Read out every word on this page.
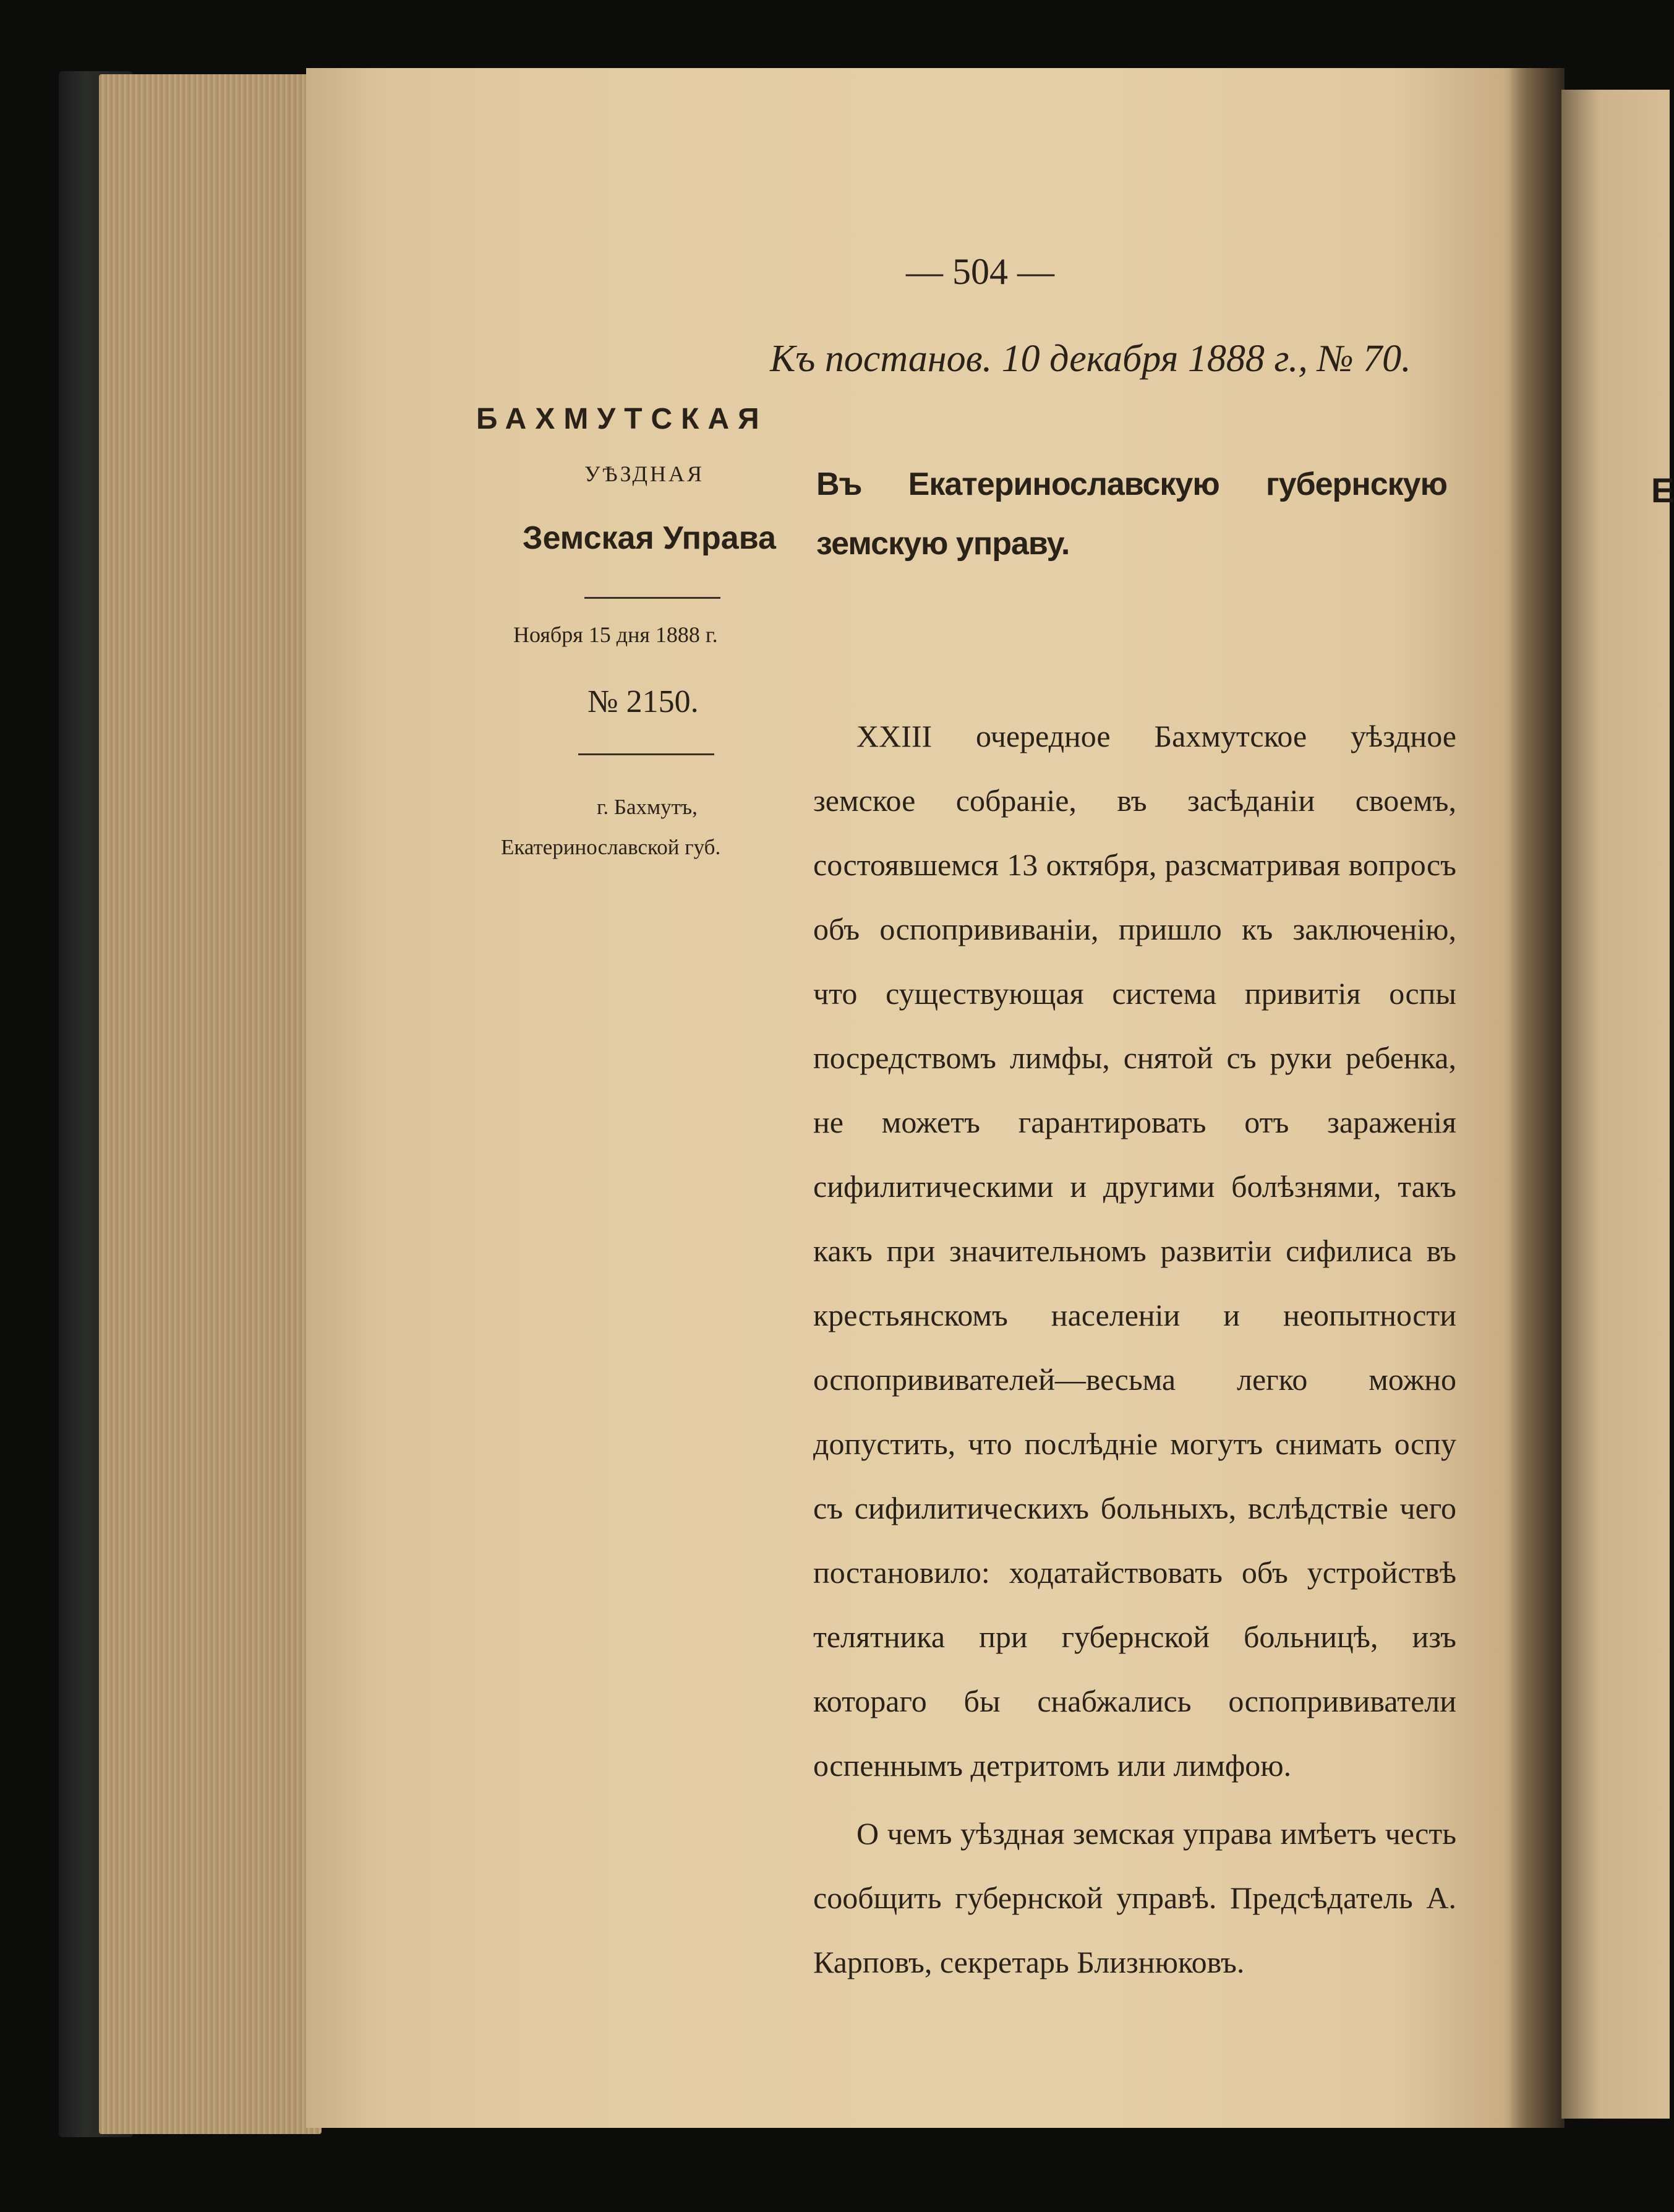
— 504 —
Къ постанов. 10 декабря 1888 г., № 70.
БАХМУТСКАЯ
УѢЗДНАЯ
Земская Управа
Ноября 15 дня 1888 г.
№ 2150.
г. Бахмутъ,
Екатеринославской губ.
Въ Екатеринославскую губернскую земскую управу.

XXIII очередное Бахмутское уѣздное земское собраніе, въ засѣданіи своемъ, состоявшемся 13 октября, разсматривая вопросъ объ оспопрививаніи, пришло къ заключенію, что существующая система привитія оспы посредствомъ лимфы, снятой съ руки ребенка, не можетъ гарантировать отъ зараженія сифилитическими и другими болѣзнями, такъ какъ при значительномъ развитіи сифилиса въ крестьянскомъ населеніи и неопытности оспопрививателей—весьма легко можно допустить, что послѣдніе могутъ снимать оспу съ сифилитическихъ больныхъ, вслѣдствіе чего постановило: ходатайствовать объ устройствѣ телятника при губернской больницѣ, изъ котораго бы снабжались оспопрививатели оспеннымъ детритомъ или лимфою.

О чемъ уѣздная земская управа имѣетъ честь сообщить губернской управѣ. Предсѣдатель А. Карповъ, секретарь Близнюковъ.

Е
